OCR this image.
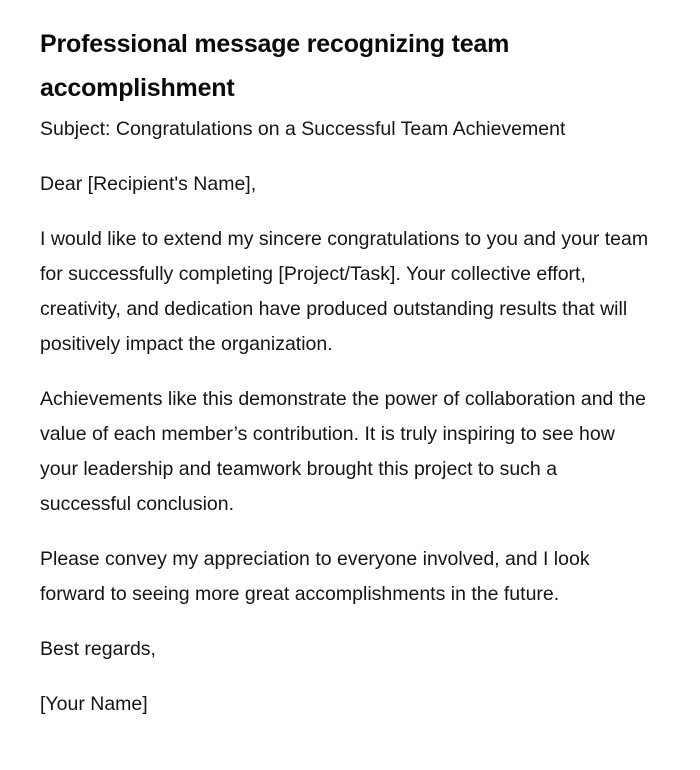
Professional message recognizing team accomplishment

Subject: Congratulations on a Successful Team Achievement

Dear [Recipient's Name],

I would like to extend my sincere congratulations to you and your team for successfully completing [Project/Task]. Your collective effort, creativity, and dedication have produced outstanding results that will positively impact the organization.

Achievements like this demonstrate the power of collaboration and the value of each member’s contribution. It is truly inspiring to see how your leadership and teamwork brought this project to such a successful conclusion.

Please convey my appreciation to everyone involved, and I look forward to seeing more great accomplishments in the future.

Best regards,

[Your Name]
